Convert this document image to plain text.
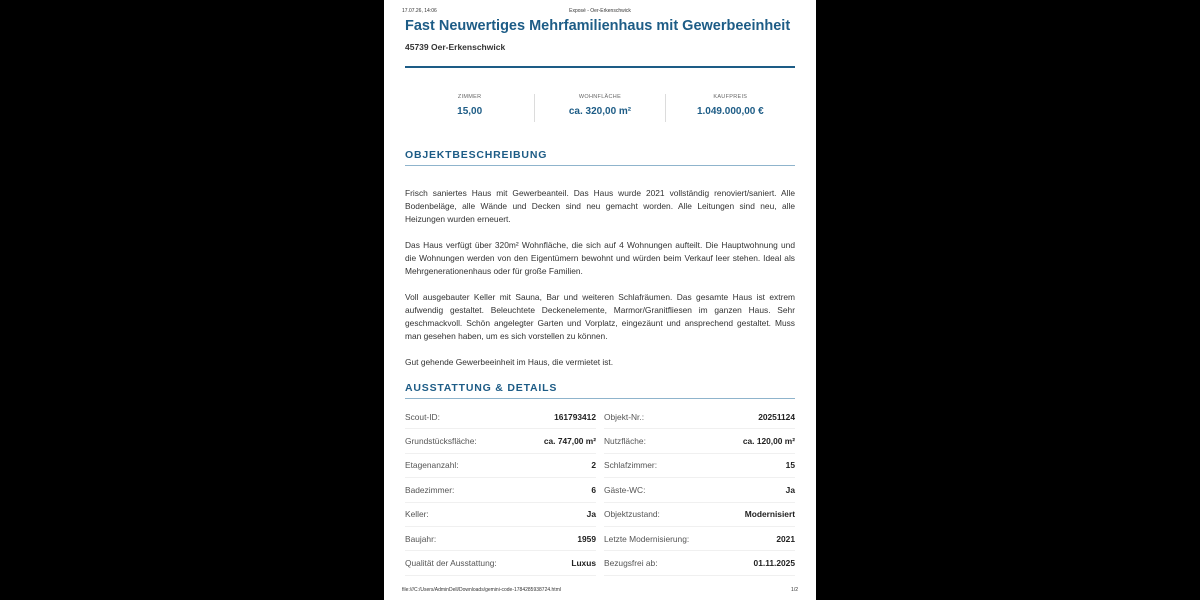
17.07.26, 14:06	Exposé - Oer-Erkenschwick
Fast Neuwertiges Mehrfamilienhaus mit Gewerbeeinheit
45739 Oer-Erkenschwick
ZIMMER
15,00
WOHNFLÄCHE
ca. 320,00 m²
KAUFPREIS
1.049.000,00 €
OBJEKTBESCHREIBUNG

Frisch saniertes Haus mit Gewerbeanteil. Das Haus wurde 2021 vollständig renoviert/saniert. Alle Bodenbeläge, alle Wände und Decken sind neu gemacht worden. Alle Leitungen sind neu, alle Heizungen wurden erneuert.

Das Haus verfügt über 320m² Wohnfläche, die sich auf 4 Wohnungen aufteilt. Die Hauptwohnung und die Wohnungen werden von den Eigentümern bewohnt und würden beim Verkauf leer stehen. Ideal als Mehrgenerationenhaus oder für große Familien.

Voll ausgebauter Keller mit Sauna, Bar und weiteren Schlafräumen. Das gesamte Haus ist extrem aufwendig gestaltet. Beleuchtete Deckenelemente, Marmor/Granitfliesen im ganzen Haus. Sehr geschmackvoll. Schön angelegter Garten und Vorplatz, eingezäunt und ansprechend gestaltet. Muss man gesehen haben, um es sich vorstellen zu können.

Gut gehende Gewerbeeinheit im Haus, die vermietet ist.

AUSSTATTUNG & DETAILS
Scout-ID:	161793412 Objekt-Nr.:	20251124
Grundstücksfläche:	ca. 747,00 m² Nutzfläche:	ca. 120,00 m²
Etagenanzahl:	2 Schlafzimmer:	15
Badezimmer:	6 Gäste-WC:	Ja
Keller:	Ja Objektzustand:	Modernisiert
Baujahr:	1959 Letzte Modernisierung:	2021
Qualität der Ausstattung:	Luxus Bezugsfrei ab:	01.11.2025
file:///C:/Users/AdminDell/Downloads/gemini-code-1784285938724.html	1/2
